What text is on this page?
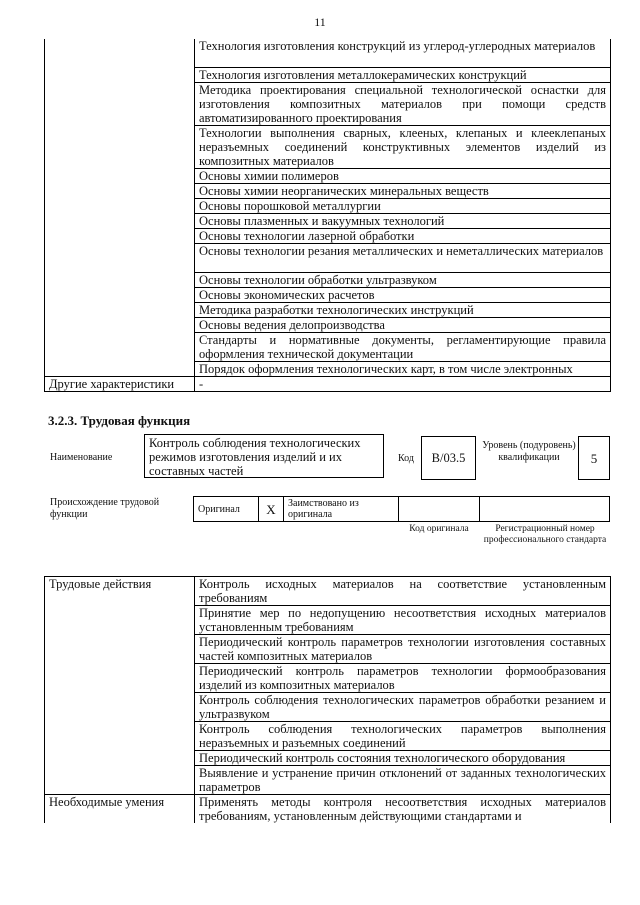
11
	Технология изготовления конструкций из углерод-углеродных материалов
	Технология изготовления металлокерамических конструкций
	Методика проектирования специальной технологической оснастки для изготовления композитных материалов при помощи средств автоматизированного проектирования
	Технологии выполнения сварных, клееных, клепаных и клееклепаных неразъемных соединений конструктивных элементов изделий из композитных материалов
	Основы химии полимеров
	Основы химии неорганических минеральных веществ
	Основы порошковой металлургии
	Основы плазменных и вакуумных технологий
	Основы технологии лазерной обработки
	Основы технологии резания металлических и неметаллических материалов
	Основы технологии обработки ультразвуком
	Основы экономических расчетов
	Методика разработки технологических инструкций
	Основы ведения делопроизводства
	Стандарты и нормативные документы, регламентирующие правила оформления технической документации
	Порядок оформления технологических карт, в том числе электронных
Другие характеристики	-
3.2.3. Трудовая функция
Наименование
Контроль соблюдения технологических режимов изготовления изделий и их составных частей
Код	В/03.5
Уровень (подуровень) квалификации	5
Происхождение трудовой функции	Оригинал	X	Заимствовано из оригинала
Код оригинала	Регистрационный номер профессионального стандарта
Трудовые действия	Контроль исходных материалов на соответствие установленным требованиям
	Принятие мер по недопущению несоответствия исходных материалов установленным требованиям
	Периодический контроль параметров технологии изготовления составных частей композитных материалов
	Периодический контроль параметров технологии формообразования изделий из композитных материалов
	Контроль соблюдения технологических параметров обработки резанием и ультразвуком
	Контроль соблюдения технологических параметров выполнения неразъемных и разъемных соединений
	Периодический контроль состояния технологического оборудования
	Выявление и устранение причин отклонений от заданных технологических параметров
Необходимые умения	Применять методы контроля несоответствия исходных материалов требованиям, установленным действующими стандартами и
